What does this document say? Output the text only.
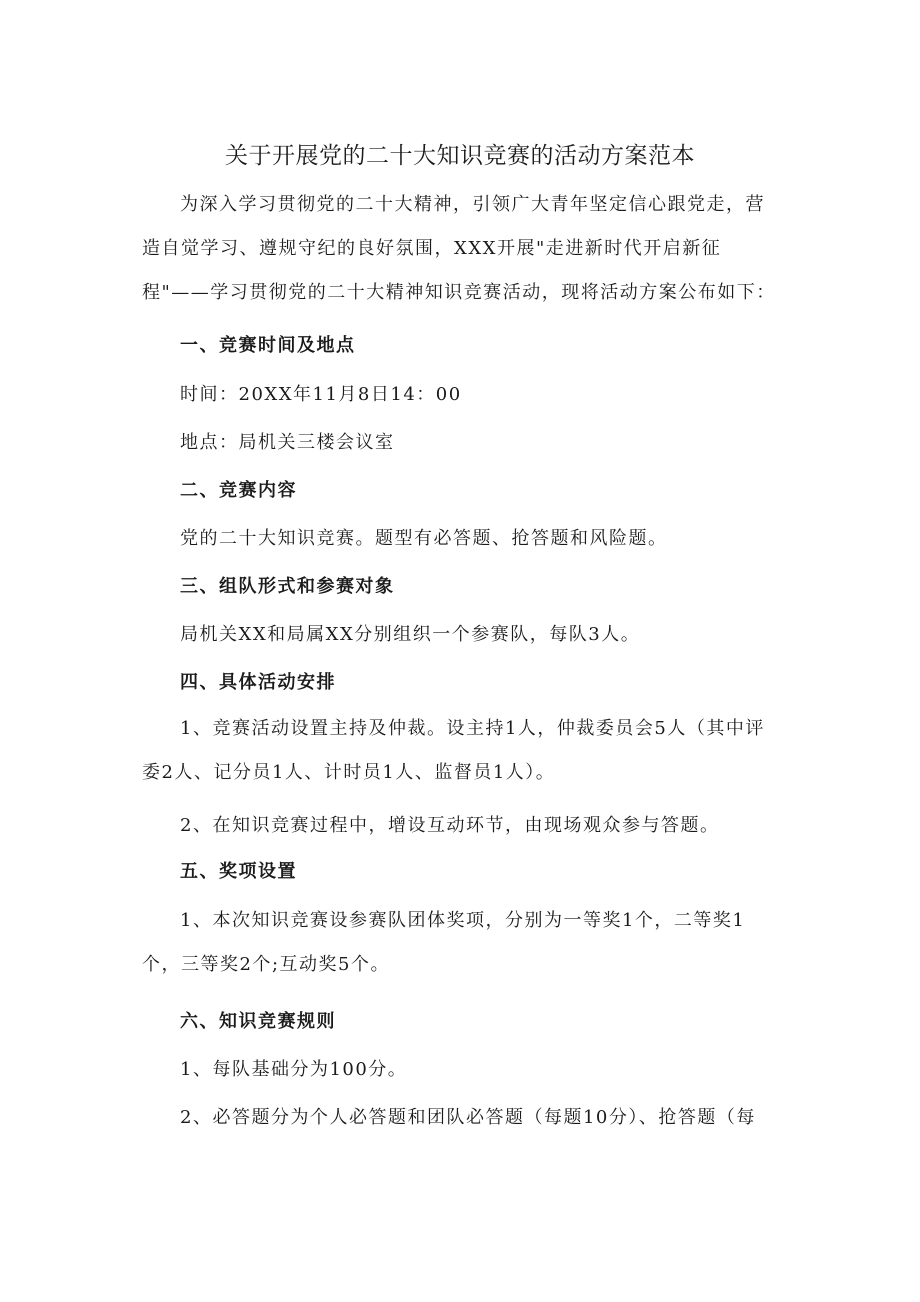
关于开展党的二十大知识竞赛的活动方案范本

为深入学习贯彻党的二十大精神，引领广大青年坚定信心跟党走，营造自觉学习、遵规守纪的良好氛围，XXX开展"走进新时代开启新征程"——学习贯彻党的二十大精神知识竞赛活动，现将活动方案公布如下：

一、竞赛时间及地点
时间：20XX年11月8日14：00
地点：局机关三楼会议室
二、竞赛内容
党的二十大知识竞赛。题型有必答题、抢答题和风险题。
三、组队形式和参赛对象
局机关XX和局属XX分别组织一个参赛队，每队3人。
四、具体活动安排

1、竞赛活动设置主持及仲裁。设主持1人，仲裁委员会5人（其中评委2人、记分员1人、计时员1人、监督员1人）。

2、在知识竞赛过程中，增设互动环节，由现场观众参与答题。
五、奖项设置

1、本次知识竞赛设参赛队团体奖项，分别为一等奖1个，二等奖1个，三等奖2个;互动奖5个。

六、知识竞赛规则
1、每队基础分为100分。
2、必答题分为个人必答题和团队必答题（每题10分）、抢答题（每
